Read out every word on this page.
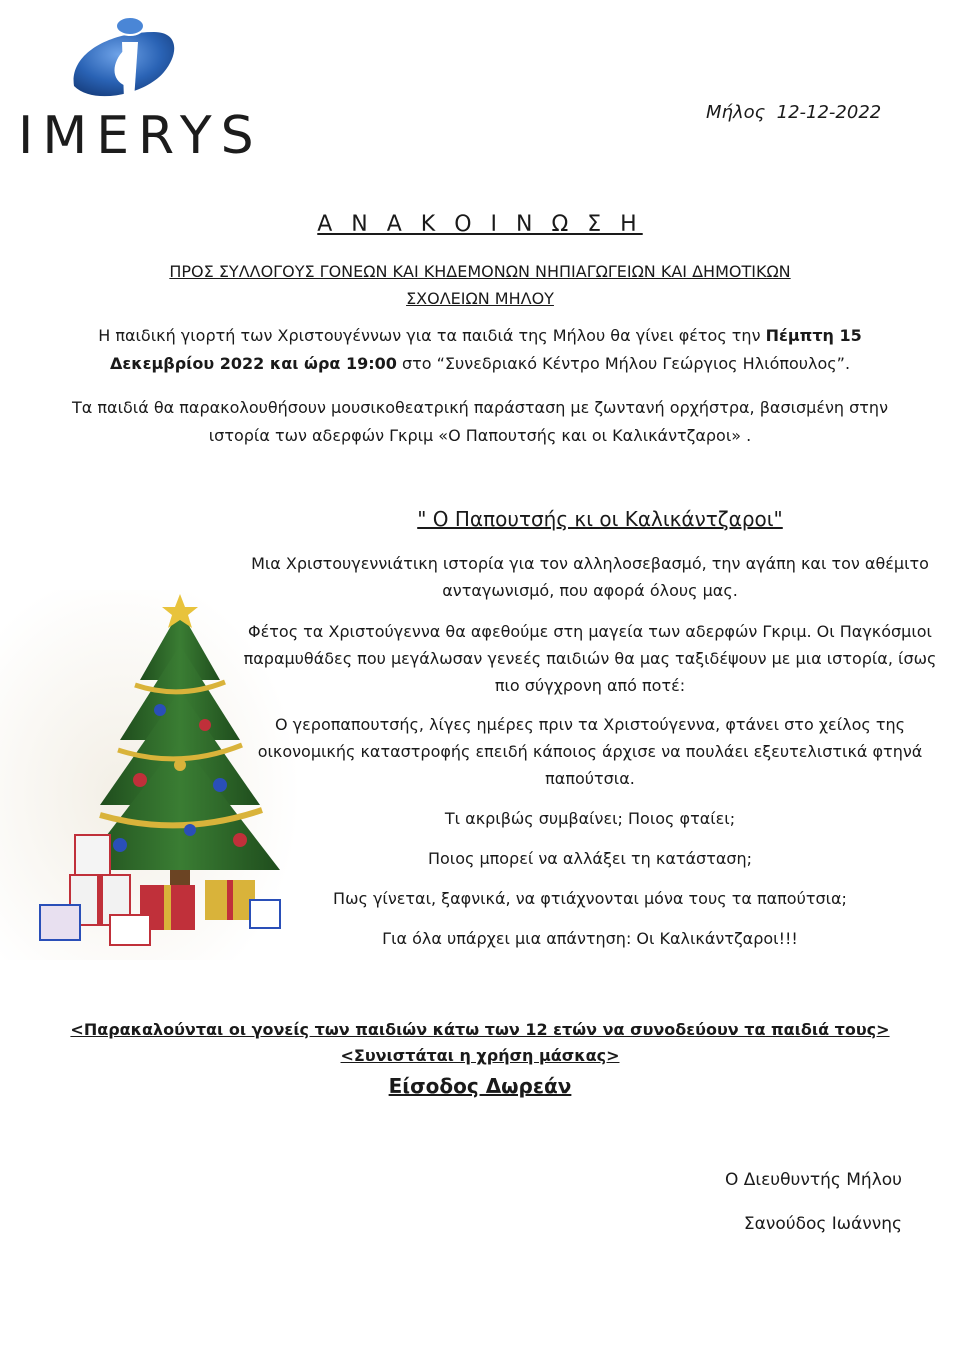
IMERYS	Μήλος  12-12-2022
Α Ν Α Κ Ο Ι Ν Ω Σ Η
ΠΡΟΣ ΣΥΛΛΟΓΟΥΣ ΓΟΝΕΩΝ ΚΑΙ ΚΗΔΕΜΟΝΩΝ ΝΗΠΙΑΓΩΓΕΙΩΝ ΚΑΙ ΔΗΜΟΤΙΚΩΝ
ΣΧΟΛΕΙΩΝ ΜΗΛΟΥ
Η παιδική γιορτή των Χριστουγέννων για τα παιδιά της Μήλου θα γίνει φέτος την Πέμπτη 15 Δεκεμβρίου 2022 και ώρα 19:00 στο “Συνεδριακό Κέντρο Μήλου Γεώργιος Ηλιόπουλος”.
Τα παιδιά θα παρακολουθήσουν μουσικοθεατρική παράσταση με ζωντανή ορχήστρα, βασισμένη στην ιστορία των αδερφών Γκριμ «Ο Παπουτσής και οι Καλικάντζαροι» .
" Ο Παπουτσής κι οι Καλικάντζαροι"
Μια Χριστουγεννιάτικη ιστορία για τον αλληλοσεβασμό, την αγάπη και τον αθέμιτο ανταγωνισμό, που αφορά όλους μας.
Φέτος τα Χριστούγεννα θα αφεθούμε στη μαγεία των αδερφών Γκριμ. Οι Παγκόσμιοι παραμυθάδες που μεγάλωσαν γενεές παιδιών θα μας ταξιδέψουν με μια ιστορία, ίσως πιο σύγχρονη από ποτέ:
Ο γεροπαπουτσής, λίγες ημέρες πριν τα Χριστούγεννα, φτάνει στο χείλος της οικονομικής καταστροφής επειδή κάποιος άρχισε να πουλάει εξευτελιστικά φτηνά παπούτσια.
Τι ακριβώς συμβαίνει; Ποιος φταίει;
Ποιος μπορεί να αλλάξει τη κατάσταση;
Πως γίνεται, ξαφνικά, να φτιάχνονται μόνα τους τα παπούτσια;
Για όλα υπάρχει μια απάντηση: Οι Καλικάντζαροι!!!
<Παρακαλούνται οι γονείς των παιδιών κάτω των 12 ετών να συνοδεύουν τα παιδιά τους>
<Συνιστάται η χρήση μάσκας>
Είσοδος Δωρεάν
Ο Διευθυντής Μήλου
Σανούδος Ιωάννης
